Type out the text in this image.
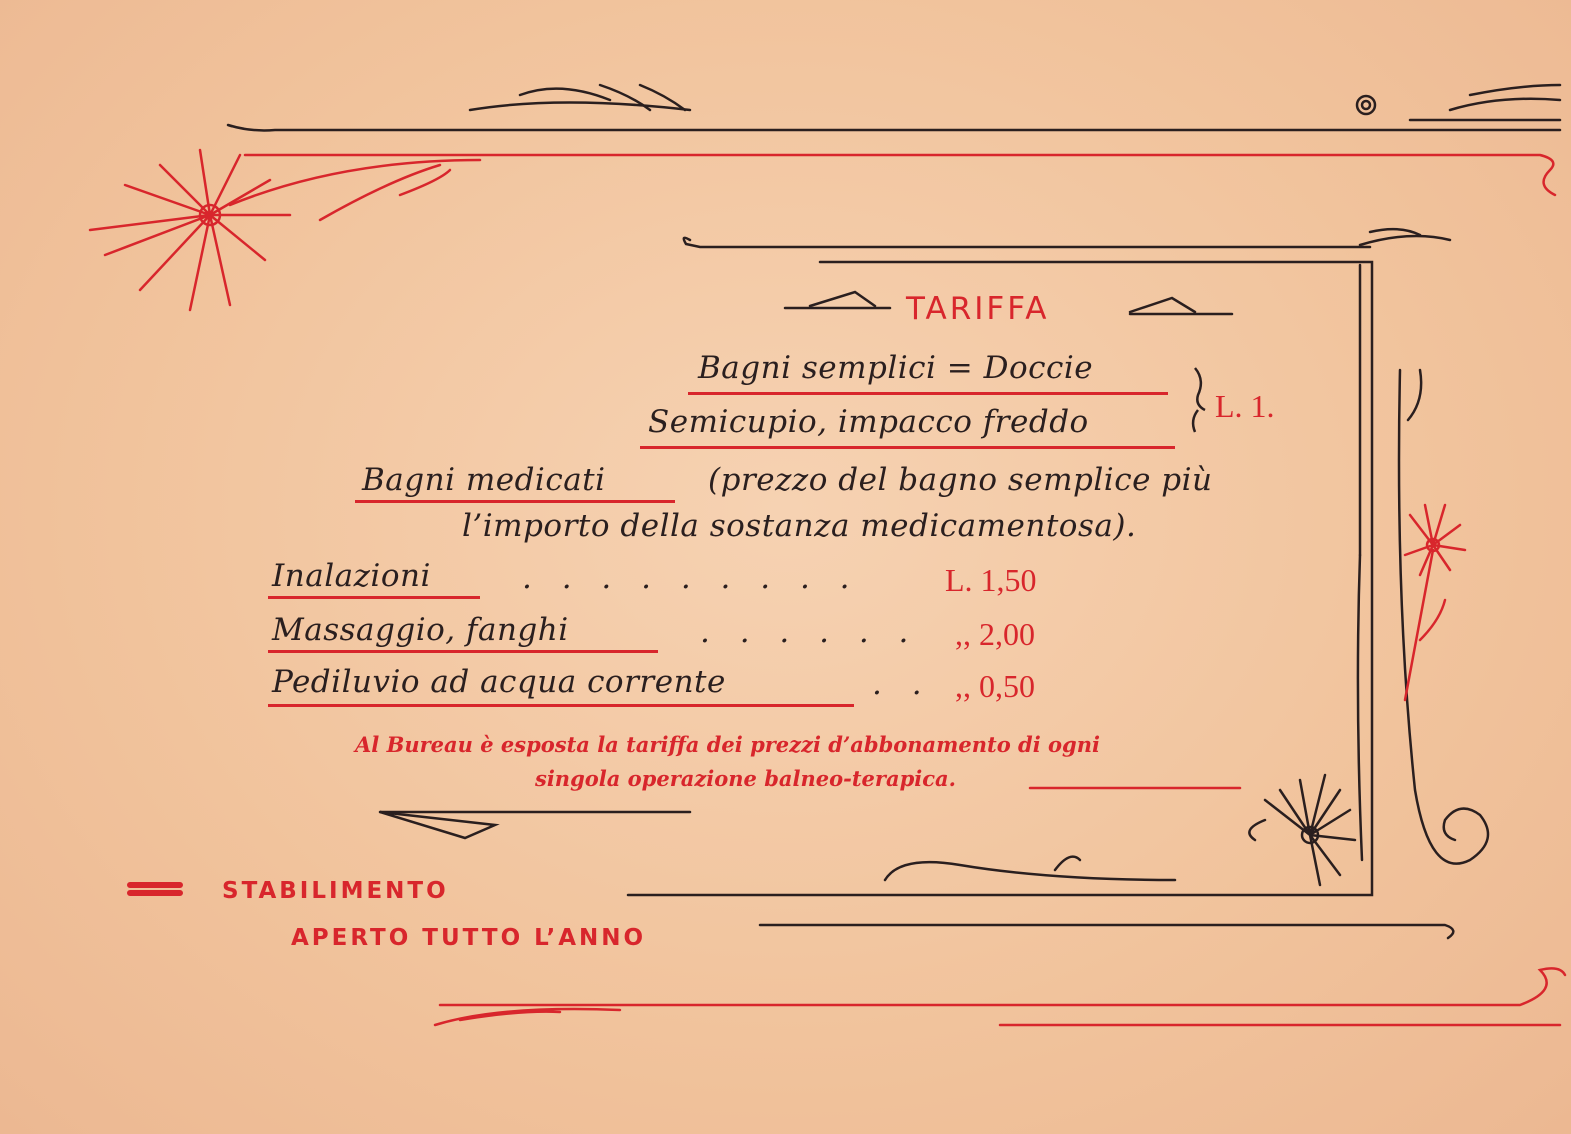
TARIFFA
Bagni semplici = Doccie
Semicupio, impacco freddo	L. 1.
Bagni medicati	(prezzo del bagno semplice più
l’importo della sostanza medicamentosa).
Inalazioni	. . . . . . . . .	L. 1,50
Massaggio, fanghi	. . . . . . ,, 2,00
Pediluvio ad acqua corrente	. . ,, 0,50
Al Bureau è esposta la tariffa dei prezzi d’abbonamento di ogni
singola operazione balneo-terapica.
STABILIMENTO
APERTO TUTTO L’ANNO
